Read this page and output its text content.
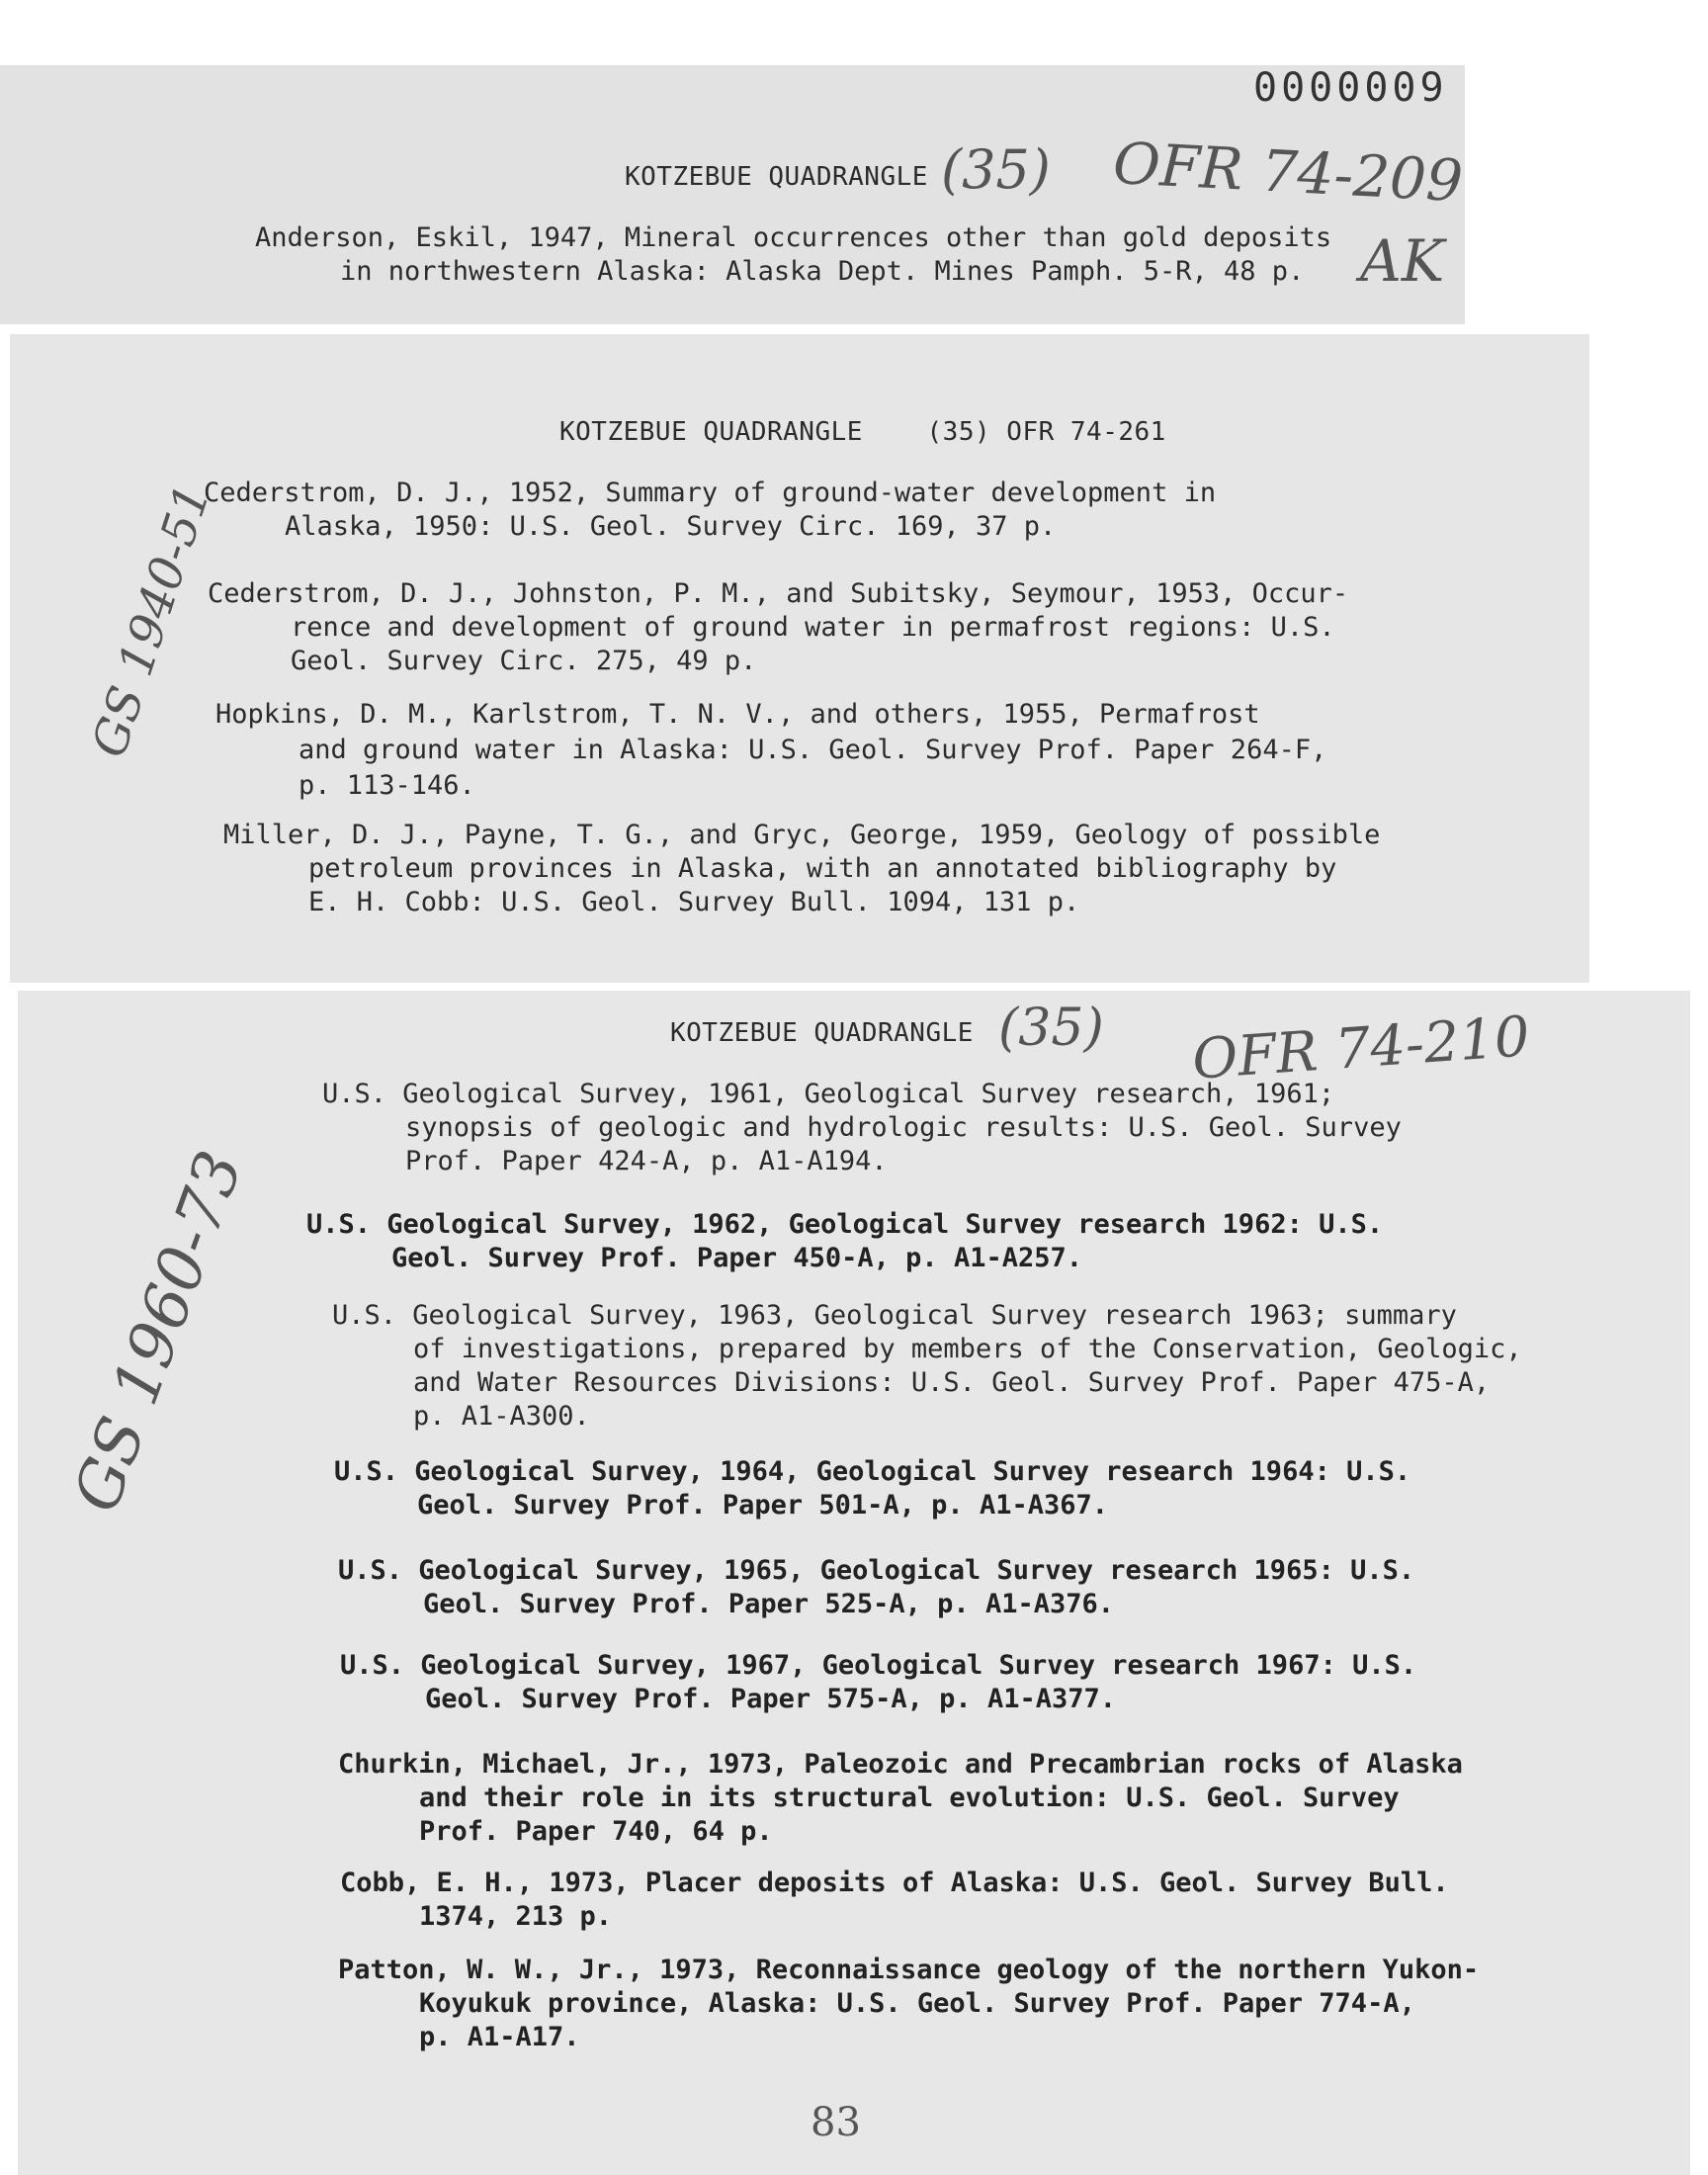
0000009
KOTZEBUE QUADRANGLE (35) OFR 74-209
AK
Anderson, Eskil, 1947, Mineral occurrences other than gold deposits
in northwestern Alaska: Alaska Dept. Mines Pamph. 5-R, 48 p.
KOTZEBUE QUADRANGLE    (35) OFR 74-261
GS 1940-51
Cederstrom, D. J., 1952, Summary of ground-water development in
Alaska, 1950: U.S. Geol. Survey Circ. 169, 37 p.
Cederstrom, D. J., Johnston, P. M., and Subitsky, Seymour, 1953, Occur-
rence and development of ground water in permafrost regions: U.S.
Geol. Survey Circ. 275, 49 p.
Hopkins, D. M., Karlstrom, T. N. V., and others, 1955, Permafrost
and ground water in Alaska: U.S. Geol. Survey Prof. Paper 264-F,
p. 113-146.
Miller, D. J., Payne, T. G., and Gryc, George, 1959, Geology of possible
petroleum provinces in Alaska, with an annotated bibliography by
E. H. Cobb: U.S. Geol. Survey Bull. 1094, 131 p.
KOTZEBUE QUADRANGLE (35) OFR 74-210
GS 1960-73
U.S. Geological Survey, 1961, Geological Survey research, 1961;
synopsis of geologic and hydrologic results: U.S. Geol. Survey
Prof. Paper 424-A, p. A1-A194.
U.S. Geological Survey, 1962, Geological Survey research 1962: U.S.
Geol. Survey Prof. Paper 450-A, p. A1-A257.
U.S. Geological Survey, 1963, Geological Survey research 1963; summary
of investigations, prepared by members of the Conservation, Geologic,
and Water Resources Divisions: U.S. Geol. Survey Prof. Paper 475-A,
p. A1-A300.
U.S. Geological Survey, 1964, Geological Survey research 1964: U.S.
Geol. Survey Prof. Paper 501-A, p. A1-A367.
U.S. Geological Survey, 1965, Geological Survey research 1965: U.S.
Geol. Survey Prof. Paper 525-A, p. A1-A376.
U.S. Geological Survey, 1967, Geological Survey research 1967: U.S.
Geol. Survey Prof. Paper 575-A, p. A1-A377.
Churkin, Michael, Jr., 1973, Paleozoic and Precambrian rocks of Alaska
and their role in its structural evolution: U.S. Geol. Survey
Prof. Paper 740, 64 p.
Cobb, E. H., 1973, Placer deposits of Alaska: U.S. Geol. Survey Bull.
1374, 213 p.
Patton, W. W., Jr., 1973, Reconnaissance geology of the northern Yukon-
Koyukuk province, Alaska: U.S. Geol. Survey Prof. Paper 774-A,
p. A1-A17.
83
